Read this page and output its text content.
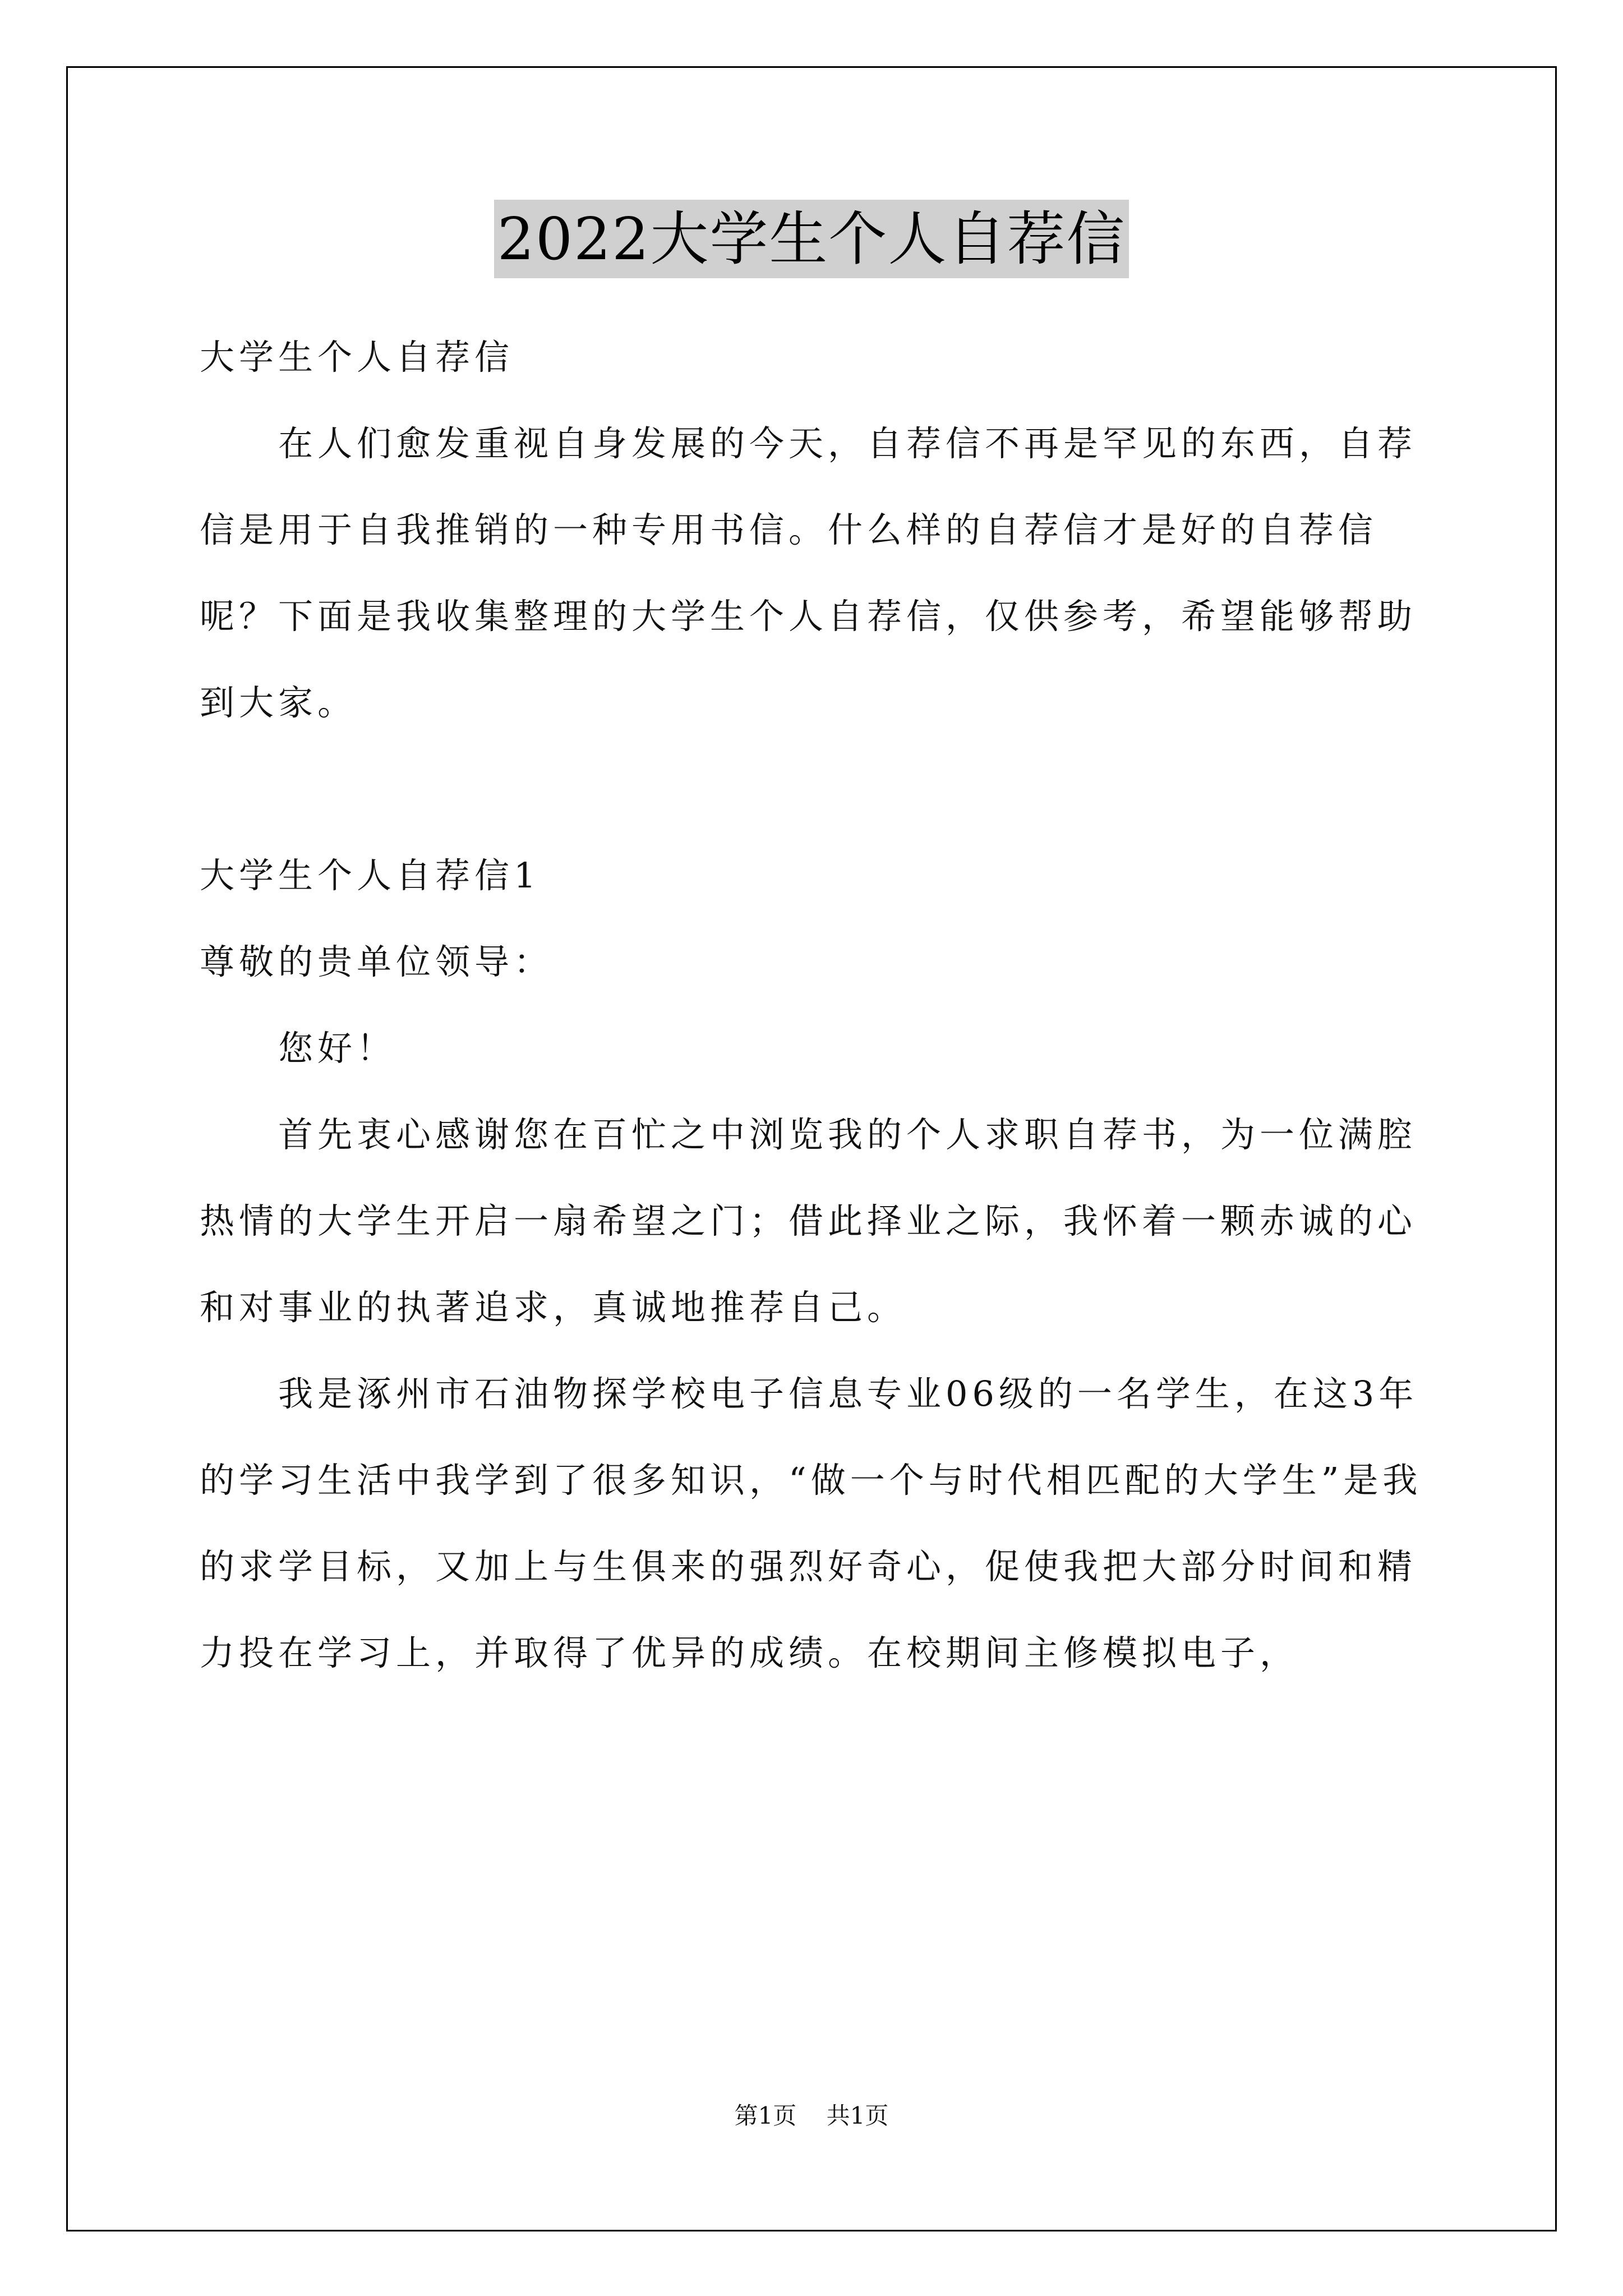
2022大学生个人自荐信

大学生个人自荐信

在人们愈发重视自身发展的今天，自荐信不再是罕见的东西，自荐信是用于自我推销的一种专用书信。什么样的自荐信才是好的自荐信呢？下面是我收集整理的大学生个人自荐信，仅供参考，希望能够帮助到大家。

大学生个人自荐信1

尊敬的贵单位领导：

您好！

首先衷心感谢您在百忙之中浏览我的个人求职自荐书，为一位满腔热情的大学生开启一扇希望之门；借此择业之际，我怀着一颗赤诚的心和对事业的执著追求，真诚地推荐自己。

我是涿州市石油物探学校电子信息专业06级的一名学生，在这3年的学习生活中我学到了很多知识，“做一个与时代相匹配的大学生”是我的求学目标，又加上与生俱来的强烈好奇心，促使我把大部分时间和精力投在学习上，并取得了优异的成绩。在校期间主修模拟电子，

第1页 共1页
